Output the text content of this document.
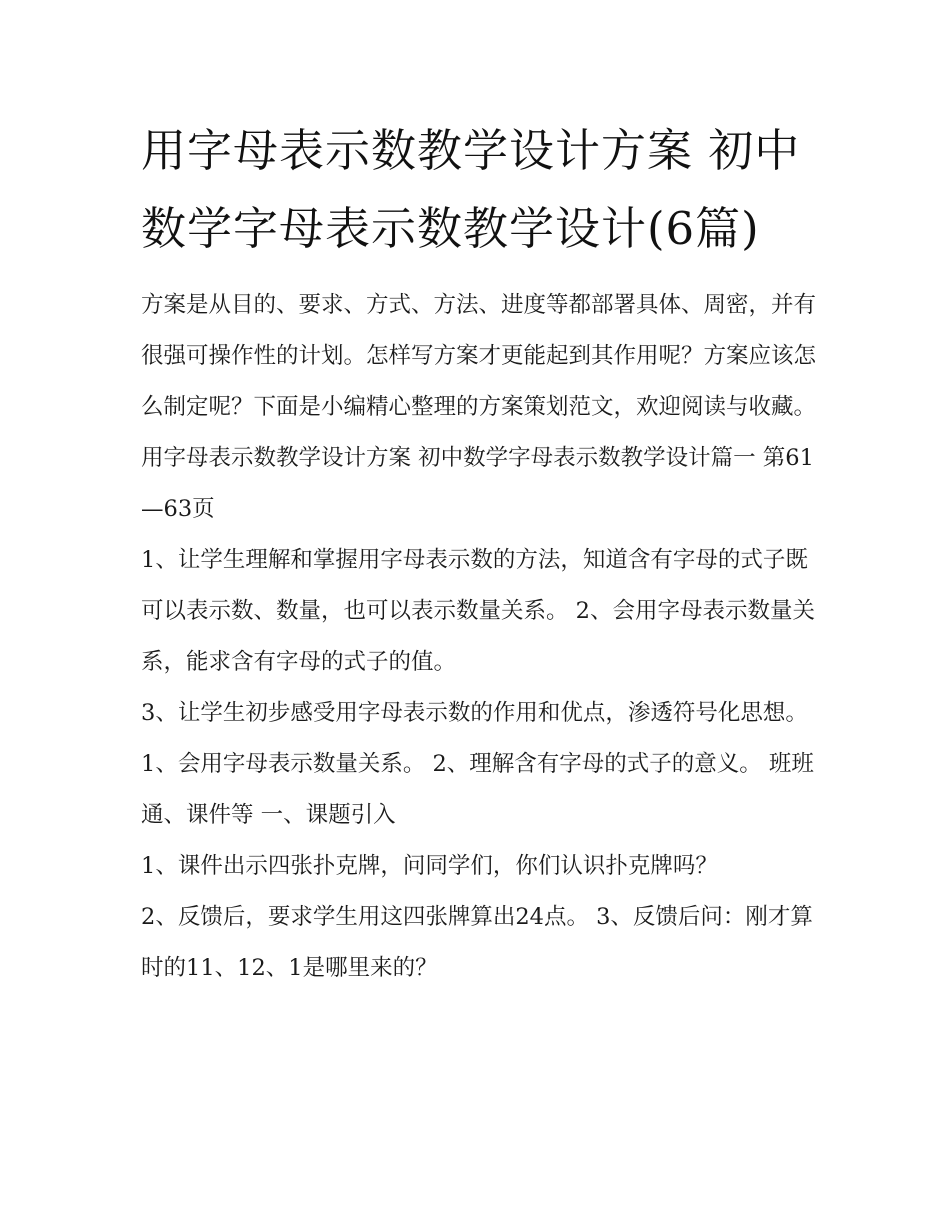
用字母表示数教学设计方案 初中数学字母表示数教学设计(6篇)

方案是从目的、要求、方式、方法、进度等都部署具体、周密，并有很强可操作性的计划。怎样写方案才更能起到其作用呢？方案应该怎么制定呢？下面是小编精心整理的方案策划范文，欢迎阅读与收藏。

用字母表示数教学设计方案 初中数学字母表示数教学设计篇一 第61—63页

1、让学生理解和掌握用字母表示数的方法，知道含有字母的式子既可以表示数、数量，也可以表示数量关系。 2、会用字母表示数量关系，能求含有字母的式子的值。

3、让学生初步感受用字母表示数的作用和优点，渗透符号化思想。 1、会用字母表示数量关系。 2、理解含有字母的式子的意义。 班班通、课件等 一、课题引入

1、课件出示四张扑克牌，问同学们，你们认识扑克牌吗？

2、反馈后，要求学生用这四张牌算出24点。 3、反馈后问：刚才算时的11、12、1是哪里来的？
